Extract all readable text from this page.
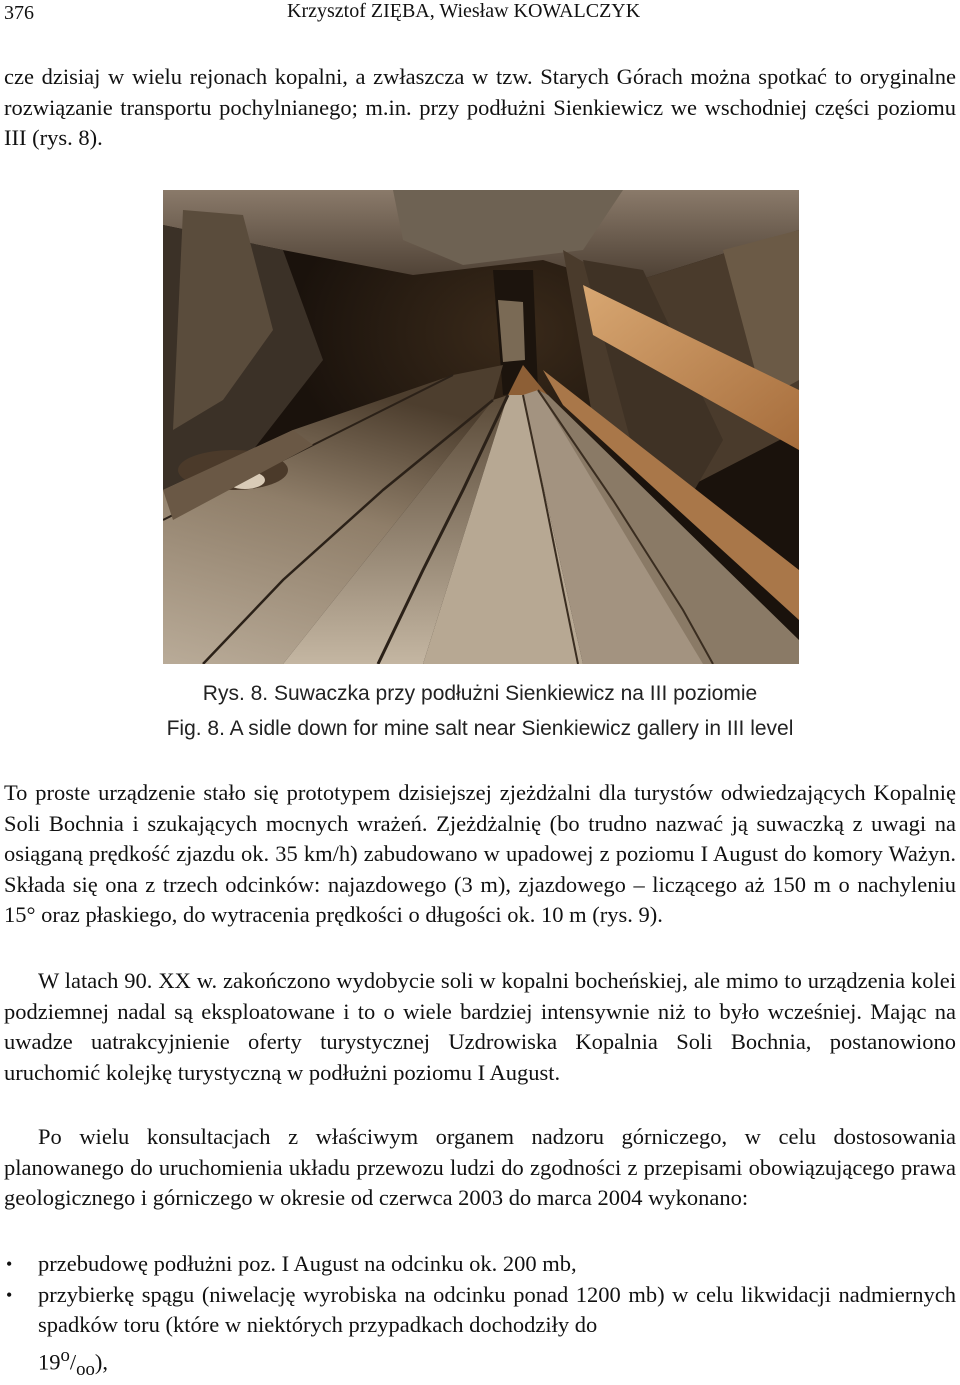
376	Krzysztof ZIĘBA, Wiesław KOWALCZYK

cze dzisiaj w wielu rejonach kopalni, a zwłaszcza w tzw. Starych Górach można spotkać to oryginalne rozwiązanie transportu pochylnianego; m.in. przy podłużni Sienkiewicz we wschodniej części poziomu III (rys. 8).

Rys. 8. Suwaczka przy podłużni Sienkiewicz na III poziomie
Fig. 8. A sidle down for mine salt near Sienkiewicz gallery in III level

To proste urządzenie stało się prototypem dzisiejszej zjeżdżalni dla turystów odwiedzających Kopalnię Soli Bochnia i szukających mocnych wrażeń. Zjeżdżalnię (bo trudno nazwać ją suwaczką z uwagi na osiąganą prędkość zjazdu ok. 35 km/h) zabudowano w upadowej z poziomu I August do komory Ważyn. Składa się ona z trzech odcinków: najazdowego (3 m), zjazdowego – liczącego aż 150 m o nachyleniu 15° oraz płaskiego, do wytracenia prędkości o długości ok. 10 m (rys. 9).

W latach 90. XX w. zakończono wydobycie soli w kopalni bocheńskiej, ale mimo to urządzenia kolei podziemnej nadal są eksploatowane i to o wiele bardziej intensywnie niż to było wcześniej. Mając na uwadze uatrakcyjnienie oferty turystycznej Uzdrowiska Kopalnia Soli Bochnia, postanowiono uruchomić kolejkę turystyczną w podłużni poziomu I August.

Po wielu konsultacjach z właściwym organem nadzoru górniczego, w celu dostosowania planowanego do uruchomienia układu przewozu ludzi do zgodności z przepisami obowiązującego prawa geologicznego i górniczego w okresie od czerwca 2003 do marca 2004 wykonano:

• przebudowę podłużni poz. I August na odcinku ok. 200 mb,
• przybierkę spągu (niwelację wyrobiska na odcinku ponad 1200 mb) w celu likwidacji nadmiernych spadków toru (które w niektórych przypadkach dochodziły do
$19^o/_{oo}$),
